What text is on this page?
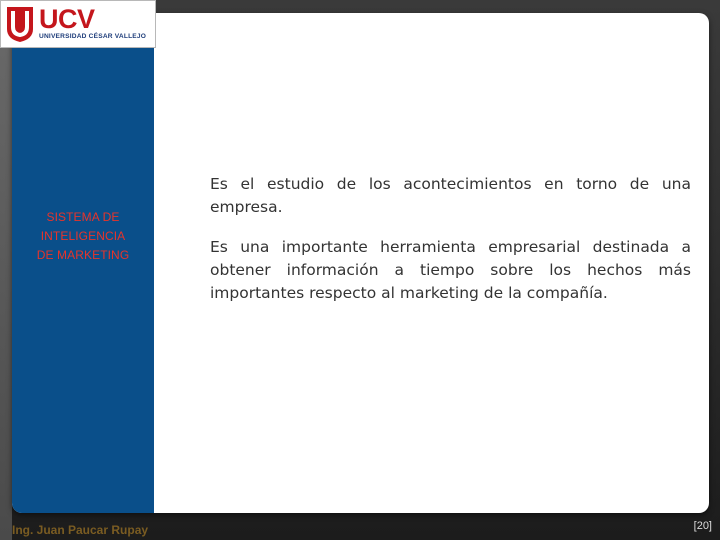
SISTEMA DE
INTELIGENCIA
DE MARKETING

Es el estudio de los acontecimientos en torno de una empresa.

Es una importante herramienta empresarial destinada a obtener información a tiempo sobre los hechos más importantes respecto al marketing de la compañía.

UCV
UNIVERSIDAD CÉSAR VALLEJO
Ing. Juan Paucar Rupay	[20]
